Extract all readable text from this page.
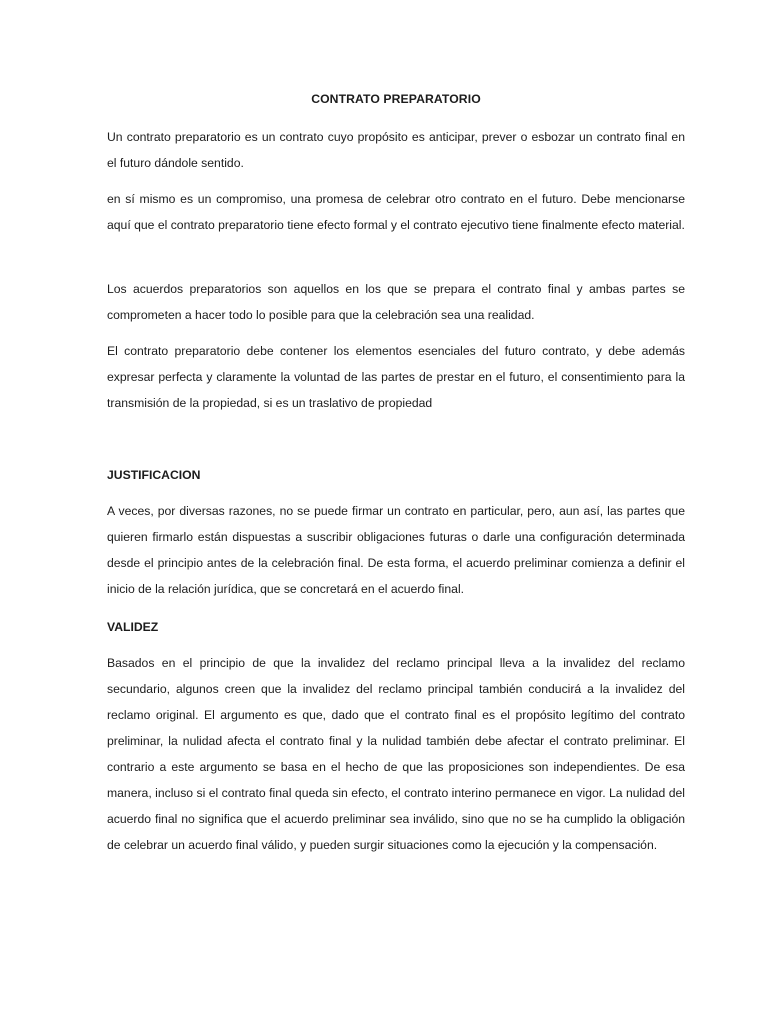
CONTRATO PREPARATORIO

Un contrato preparatorio es un contrato cuyo propósito es anticipar, prever o esbozar un contrato final en el futuro dándole sentido.

en sí mismo es un compromiso, una promesa de celebrar otro contrato en el futuro. Debe mencionarse aquí que el contrato preparatorio tiene efecto formal y el contrato ejecutivo tiene finalmente efecto material.

Los acuerdos preparatorios son aquellos en los que se prepara el contrato final y ambas partes se comprometen a hacer todo lo posible para que la celebración sea una realidad.

El contrato preparatorio debe contener los elementos esenciales del futuro contrato, y debe además expresar perfecta y claramente la voluntad de las partes de prestar en el futuro, el consentimiento para la transmisión de la propiedad, si es un traslativo de propiedad

JUSTIFICACION

A veces, por diversas razones, no se puede firmar un contrato en particular, pero, aun así, las partes que quieren firmarlo están dispuestas a suscribir obligaciones futuras o darle una configuración determinada desde el principio antes de la celebración final. De esta forma, el acuerdo preliminar comienza a definir el inicio de la relación jurídica, que se concretará en el acuerdo final.

VALIDEZ

Basados en el principio de que la invalidez del reclamo principal lleva a la invalidez del reclamo secundario, algunos creen que la invalidez del reclamo principal también conducirá a la invalidez del reclamo original. El argumento es que, dado que el contrato final es el propósito legítimo del contrato preliminar, la nulidad afecta el contrato final y la nulidad también debe afectar el contrato preliminar. El contrario a este argumento se basa en el hecho de que las proposiciones son independientes. De esa manera, incluso si el contrato final queda sin efecto, el contrato interino permanece en vigor. La nulidad del acuerdo final no significa que el acuerdo preliminar sea inválido, sino que no se ha cumplido la obligación de celebrar un acuerdo final válido, y pueden surgir situaciones como la ejecución y la compensación.
